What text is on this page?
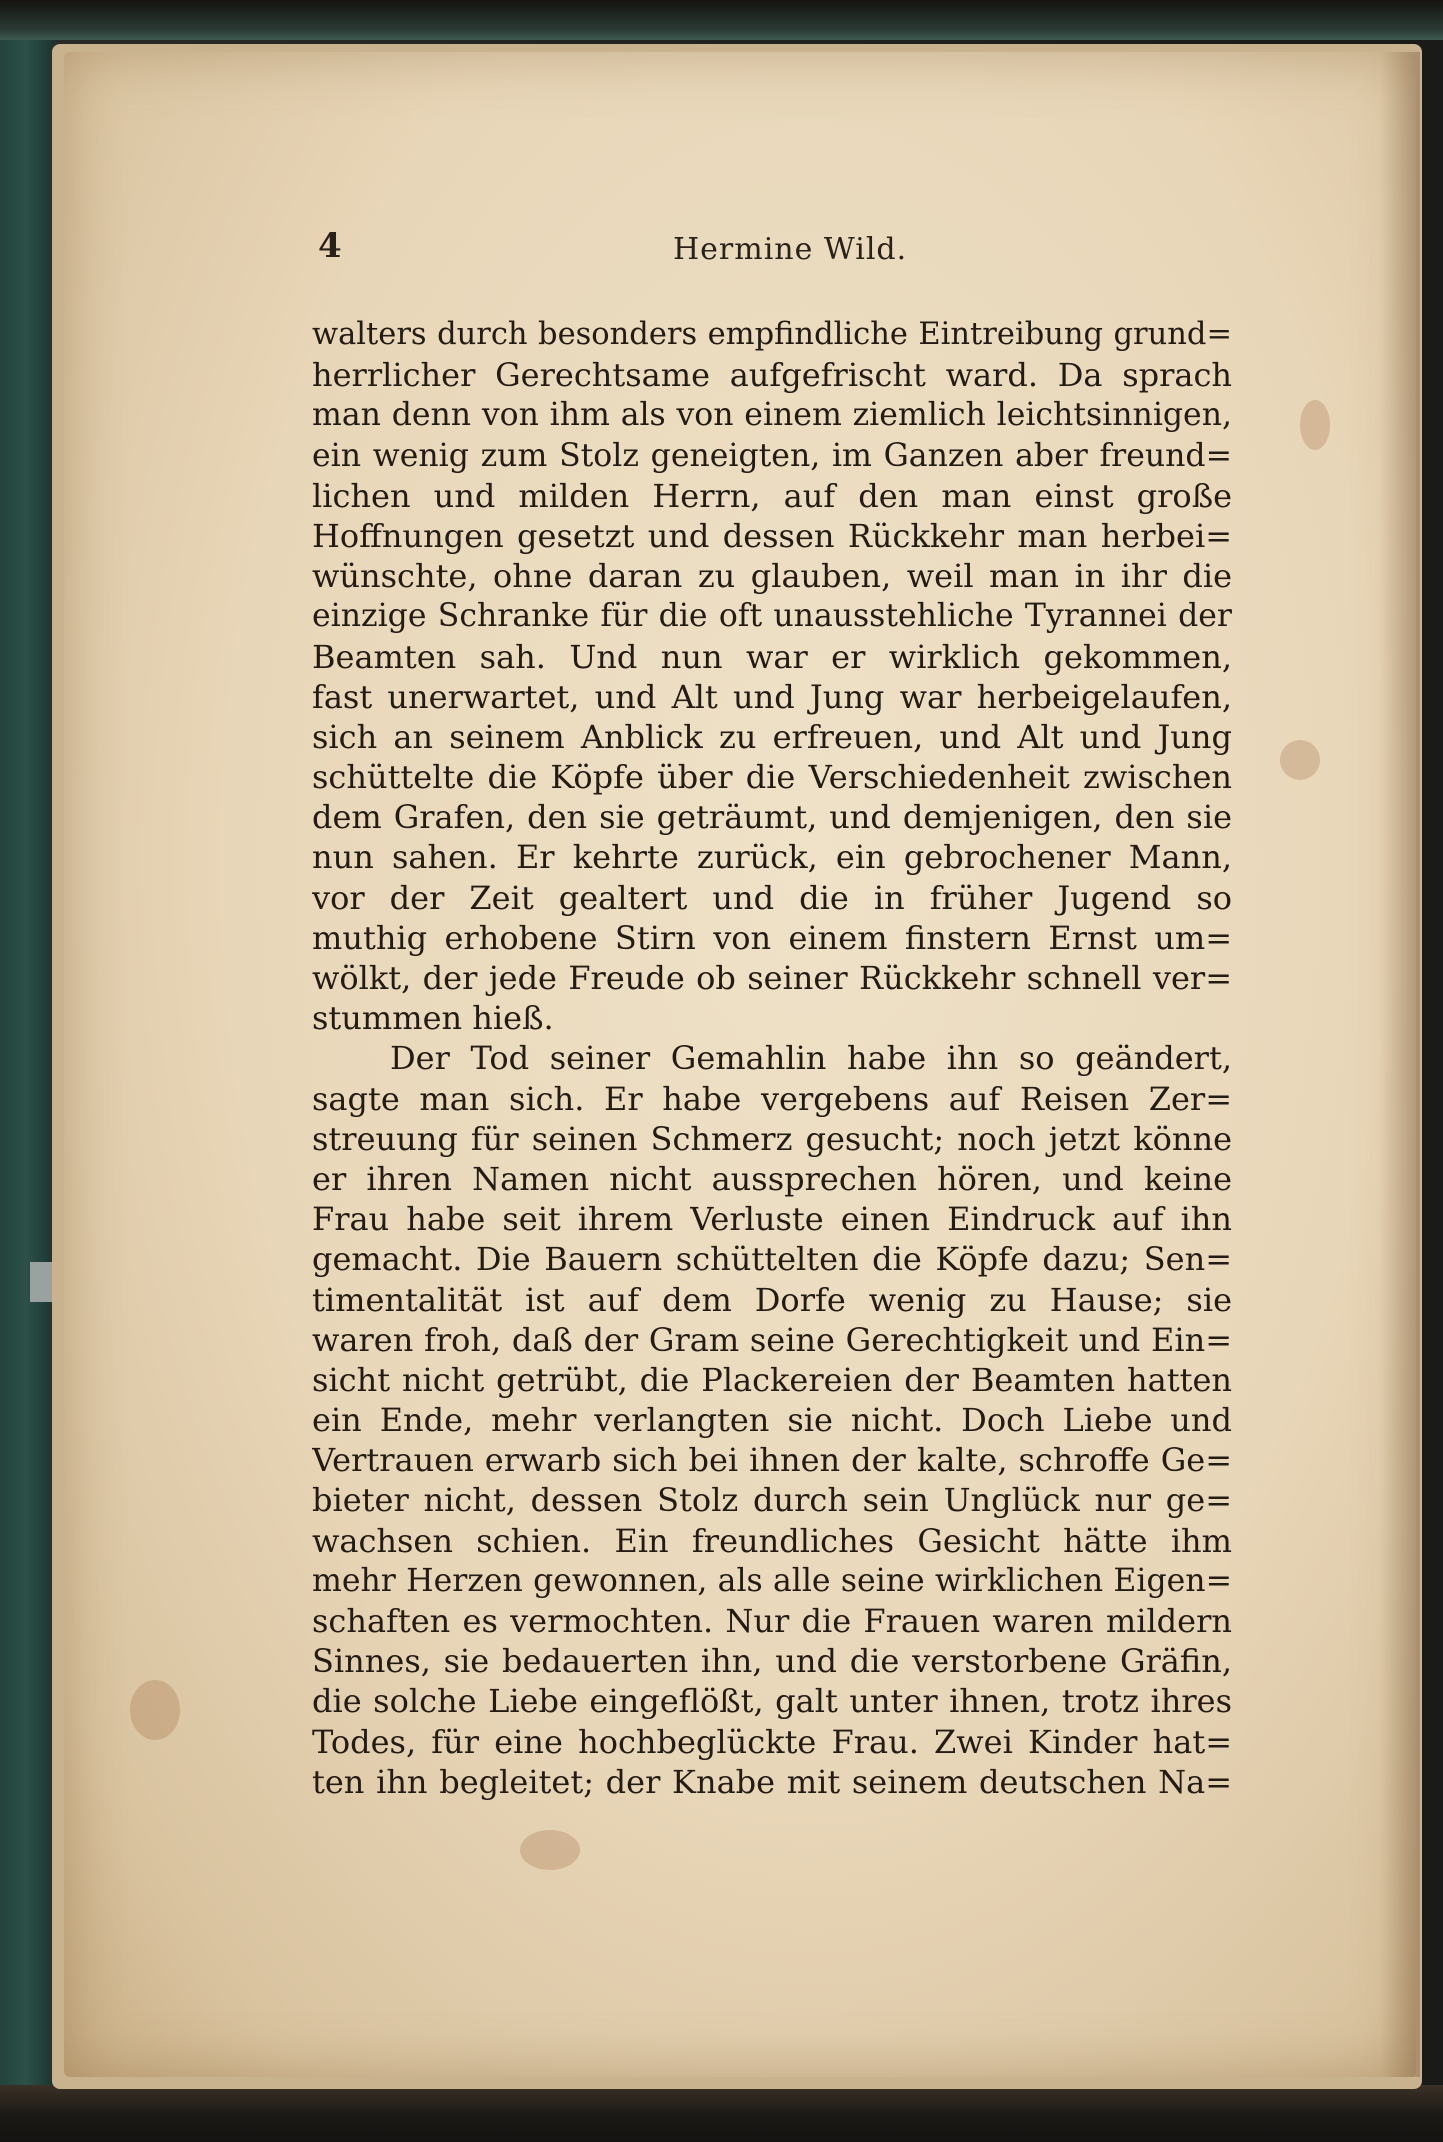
4	Hermine Wild.
walters durch besonders empfindliche Eintreibung grund=
herrlicher Gerechtsame aufgefrischt ward. Da sprach
man denn von ihm als von einem ziemlich leichtsinnigen,
ein wenig zum Stolz geneigten, im Ganzen aber freund=
lichen und milden Herrn, auf den man einst große
Hoffnungen gesetzt und dessen Rückkehr man herbei=
wünschte, ohne daran zu glauben, weil man in ihr die
einzige Schranke für die oft unausstehliche Tyrannei der
Beamten sah. Und nun war er wirklich gekommen,
fast unerwartet, und Alt und Jung war herbeigelaufen,
sich an seinem Anblick zu erfreuen, und Alt und Jung
schüttelte die Köpfe über die Verschiedenheit zwischen
dem Grafen, den sie geträumt, und demjenigen, den sie
nun sahen. Er kehrte zurück, ein gebrochener Mann,
vor der Zeit gealtert und die in früher Jugend so
muthig erhobene Stirn von einem finstern Ernst um=
wölkt, der jede Freude ob seiner Rückkehr schnell ver=
stummen hieß.
Der Tod seiner Gemahlin habe ihn so geändert,
sagte man sich. Er habe vergebens auf Reisen Zer=
streuung für seinen Schmerz gesucht; noch jetzt könne
er ihren Namen nicht aussprechen hören, und keine
Frau habe seit ihrem Verluste einen Eindruck auf ihn
gemacht. Die Bauern schüttelten die Köpfe dazu; Sen=
timentalität ist auf dem Dorfe wenig zu Hause; sie
waren froh, daß der Gram seine Gerechtigkeit und Ein=
sicht nicht getrübt, die Plackereien der Beamten hatten
ein Ende, mehr verlangten sie nicht. Doch Liebe und
Vertrauen erwarb sich bei ihnen der kalte, schroffe Ge=
bieter nicht, dessen Stolz durch sein Unglück nur ge=
wachsen schien. Ein freundliches Gesicht hätte ihm
mehr Herzen gewonnen, als alle seine wirklichen Eigen=
schaften es vermochten. Nur die Frauen waren mildern
Sinnes, sie bedauerten ihn, und die verstorbene Gräfin,
die solche Liebe eingeflößt, galt unter ihnen, trotz ihres
Todes, für eine hochbeglückte Frau. Zwei Kinder hat=
ten ihn begleitet; der Knabe mit seinem deutschen Na=
